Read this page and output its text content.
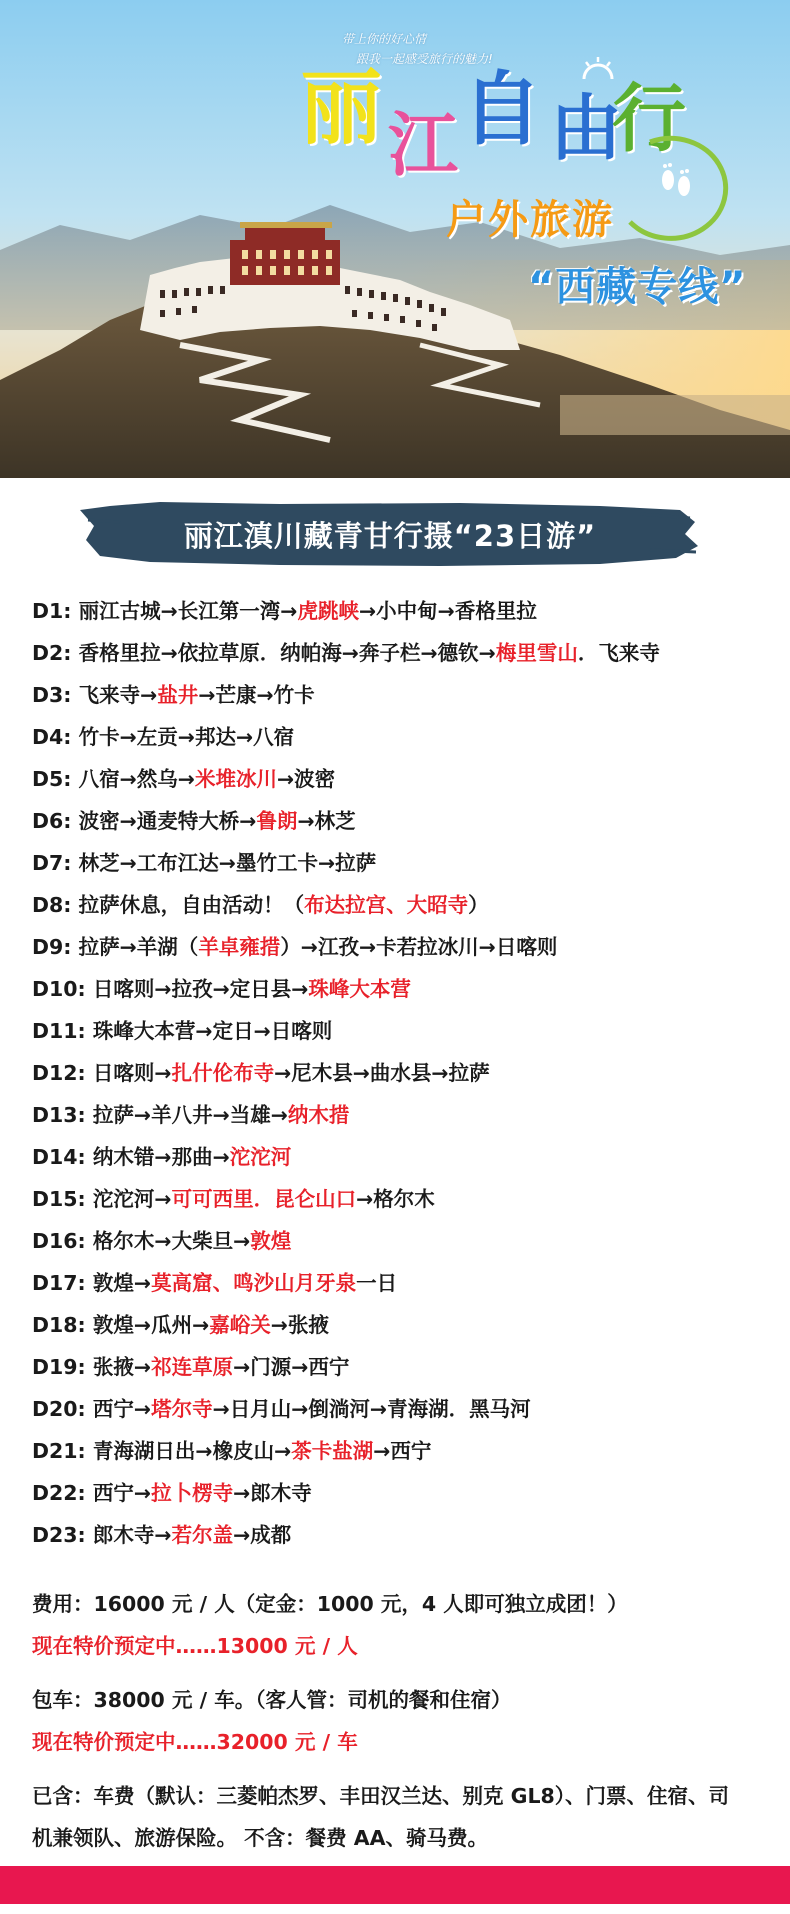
带上你的好心情
跟我一起感受旅行的魅力!
丽 江 自 由
行
户外旅游
“西藏专线”
丽江滇川藏青甘行摄“23日游”
D1: 丽江古城→长江第一湾→虎跳峡→小中甸→香格里拉
D2: 香格里拉→依拉草原．纳帕海→奔子栏→德钦→梅里雪山．飞来寺
D3: 飞来寺→盐井→芒康→竹卡
D4: 竹卡→左贡→邦达→八宿
D5: 八宿→然乌→米堆冰川→波密
D6: 波密→通麦特大桥→鲁朗→林芝
D7: 林芝→工布江达→墨竹工卡→拉萨
D8: 拉萨休息，自由活动！（布达拉宫、大昭寺）
D9: 拉萨→羊湖（羊卓雍措）→江孜→卡若拉冰川→日喀则
D10: 日喀则→拉孜→定日县→珠峰大本营
D11: 珠峰大本营→定日→日喀则
D12: 日喀则→扎什伦布寺→尼木县→曲水县→拉萨
D13: 拉萨→羊八井→当雄→纳木措
D14: 纳木错→那曲→沱沱河
D15: 沱沱河→可可西里．昆仑山口→格尔木
D16: 格尔木→大柴旦→敦煌
D17: 敦煌→莫高窟、鸣沙山月牙泉一日
D18: 敦煌→瓜州→嘉峪关→张掖
D19: 张掖→祁连草原→门源→西宁
D20: 西宁→塔尔寺→日月山→倒淌河→青海湖．黑马河
D21: 青海湖日出→橡皮山→茶卡盐湖→西宁
D22: 西宁→拉卜楞寺→郎木寺
D23: 郎木寺→若尔盖→成都
费用：16000 元 / 人（定金：1000 元，4 人即可独立成团！）
现在特价预定中……13000 元 / 人
包车：38000 元 / 车。（客人管：司机的餐和住宿）
现在特价预定中……32000 元 / 车
已含：车费（默认：三菱帕杰罗、丰田汉兰达、别克 GL8）、门票、住宿、司
机兼领队、旅游保险。 不含：餐费 AA、骑马费。
